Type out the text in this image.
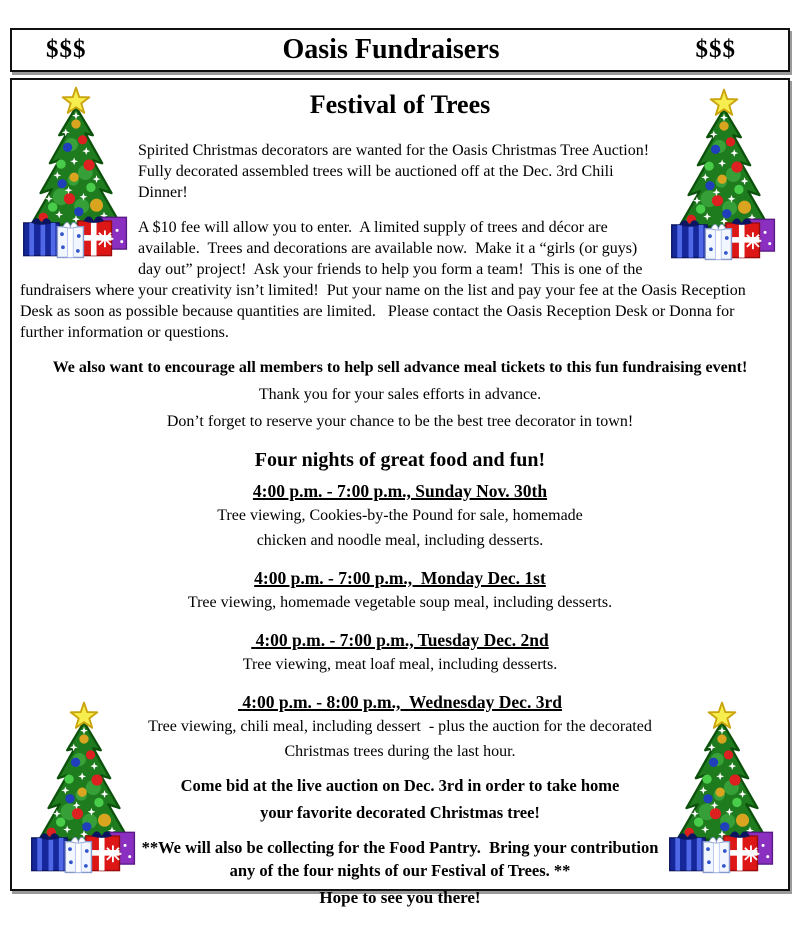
$$$	Oasis Fundraisers	$$$
Festival of Trees

Spirited Christmas decorators are wanted for the Oasis Christmas Tree Auction!  Fully decorated assembled trees will be auctioned off at the Dec. 3rd Chili Dinner!

A $10 fee will allow you to enter.  A limited supply of trees and décor are available.  Trees and decorations are available now.  Make it a “girls (or guys) day out” project!  Ask your friends to help you form a team!  This is one of the fundraisers where your creativity isn’t limited!  Put your name on the list and pay your fee at the Oasis Reception Desk as soon as possible because quantities are limited.   Please contact the Oasis Reception Desk or Donna for further information or questions.

We also want to encourage all members to help sell advance meal tickets to this fun fundraising event!
Thank you for your sales efforts in advance.
Don’t forget to reserve your chance to be the best tree decorator in town!
Four nights of great food and fun!
4:00 p.m. - 7:00 p.m., Sunday Nov. 30th
Tree viewing, Cookies-by-the Pound for sale, homemade
chicken and noodle meal, including desserts.
4:00 p.m. - 7:00 p.m.,  Monday Dec. 1st
Tree viewing, homemade vegetable soup meal, including desserts.
4:00 p.m. - 7:00 p.m., Tuesday Dec. 2nd
Tree viewing, meat loaf meal, including desserts.
4:00 p.m. - 8:00 p.m.,  Wednesday Dec. 3rd
Tree viewing, chili meal, including dessert  - plus the auction for the decorated
Christmas trees during the last hour.
Come bid at the live auction on Dec. 3rd in order to take home
your favorite decorated Christmas tree!
**We will also be collecting for the Food Pantry.  Bring your contribution
any of the four nights of our Festival of Trees. **
Hope to see you there!
